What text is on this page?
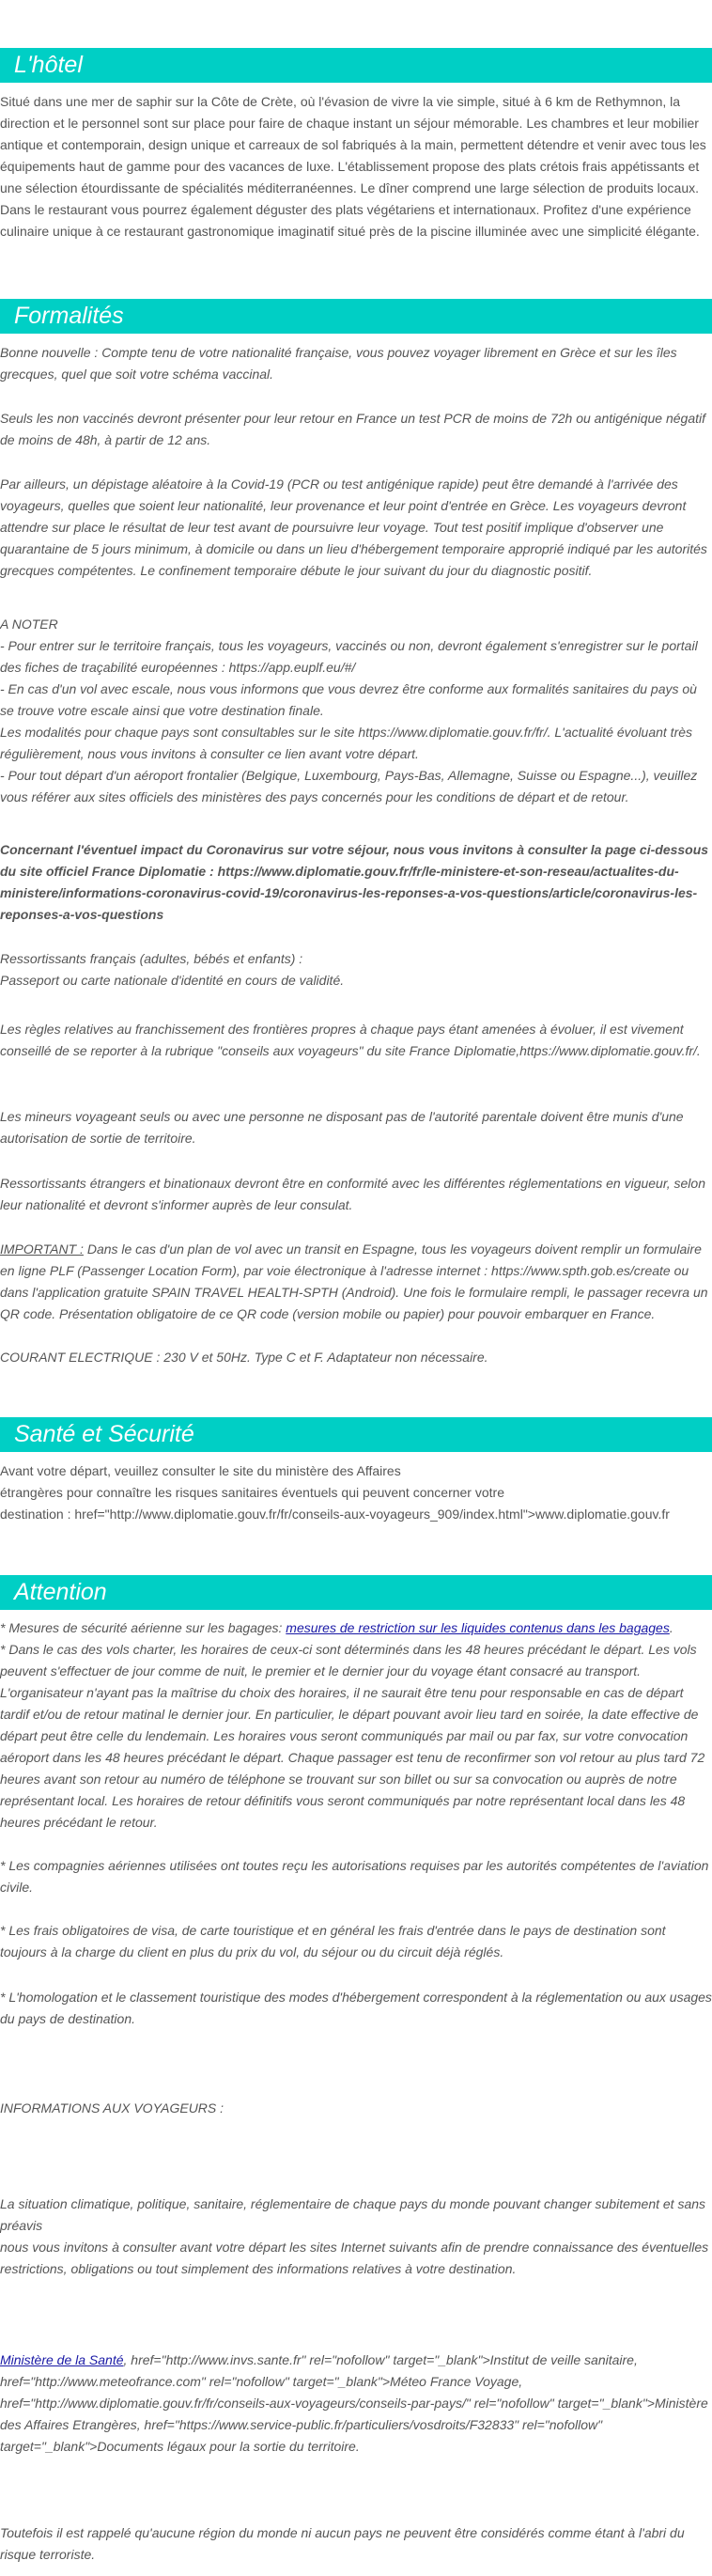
L'hôtel

Situé dans une mer de saphir sur la Côte de Crète, où l'évasion de vivre la vie simple, situé à 6 km de Rethymnon, la direction et le personnel sont sur place pour faire de chaque instant un séjour mémorable. Les chambres et leur mobilier antique et contemporain, design unique et carreaux de sol fabriqués à la main, permettent détendre et venir avec tous les équipements haut de gamme pour des vacances de luxe. L'établissement propose des plats crétois frais appétissants et une sélection étourdissante de spécialités méditerranéennes. Le dîner comprend une large sélection de produits locaux. Dans le restaurant vous pourrez également déguster des plats végétariens et internationaux. Profitez d'une expérience culinaire unique à ce restaurant gastronomique imaginatif situé près de la piscine illuminée avec une simplicité élégante.

Formalités

Bonne nouvelle : Compte tenu de votre nationalité française, vous pouvez voyager librement en Grèce et sur les îles grecques, quel que soit votre schéma vaccinal.

Seuls les non vaccinés devront présenter pour leur retour en France un test PCR de moins de 72h ou antigénique négatif de moins de 48h, à partir de 12 ans.

Par ailleurs, un dépistage aléatoire à la Covid-19 (PCR ou test antigénique rapide) peut être demandé à l'arrivée des voyageurs, quelles que soient leur nationalité, leur provenance et leur point d'entrée en Grèce. Les voyageurs devront attendre sur place le résultat de leur test avant de poursuivre leur voyage. Tout test positif implique d'observer une quarantaine de 5 jours minimum, à domicile ou dans un lieu d'hébergement temporaire approprié indiqué par les autorités grecques compétentes. Le confinement temporaire débute le jour suivant du jour du diagnostic positif.

A NOTER
- Pour entrer sur le territoire français, tous les voyageurs, vaccinés ou non, devront également s'enregistrer sur le portail des fiches de traçabilité européennes : https://app.euplf.eu/#/
- En cas d'un vol avec escale, nous vous informons que vous devrez être conforme aux formalités sanitaires du pays où se trouve votre escale ainsi que votre destination finale.
Les modalités pour chaque pays sont consultables sur le site https://www.diplomatie.gouv.fr/fr/. L'actualité évoluant très régulièrement, nous vous invitons à consulter ce lien avant votre départ.
- Pour tout départ d'un aéroport frontalier (Belgique, Luxembourg, Pays-Bas, Allemagne, Suisse ou Espagne...), veuillez vous référer aux sites officiels des ministères des pays concernés pour les conditions de départ et de retour.

Concernant l'éventuel impact du Coronavirus sur votre séjour, nous vous invitons à consulter la page ci-dessous du site officiel France Diplomatie : https://www.diplomatie.gouv.fr/fr/le-ministere-et-son-reseau/actualites-du-ministere/informations-coronavirus-covid-19/coronavirus-les-reponses-a-vos-questions/article/coronavirus-les-reponses-a-vos-questions

Ressortissants français (adultes, bébés et enfants) :
Passeport ou carte nationale d'identité en cours de validité.

Les règles relatives au franchissement des frontières propres à chaque pays étant amenées à évoluer, il est vivement conseillé de se reporter à la rubrique "conseils aux voyageurs" du site France Diplomatie,https://www.diplomatie.gouv.fr/.

Les mineurs voyageant seuls ou avec une personne ne disposant pas de l'autorité parentale doivent être munis d'une autorisation de sortie de territoire.

Ressortissants étrangers et binationaux devront être en conformité avec les différentes réglementations en vigueur, selon leur nationalité et devront s'informer auprès de leur consulat.

IMPORTANT : Dans le cas d'un plan de vol avec un transit en Espagne, tous les voyageurs doivent remplir un formulaire en ligne PLF (Passenger Location Form), par voie électronique à l'adresse internet : https://www.spth.gob.es/create ou dans l'application gratuite SPAIN TRAVEL HEALTH-SPTH (Android). Une fois le formulaire rempli, le passager recevra un QR code. Présentation obligatoire de ce QR code (version mobile ou papier) pour pouvoir embarquer en France.

COURANT ELECTRIQUE : 230 V et 50Hz. Type C et F. Adaptateur non nécessaire.

Santé et Sécurité
Avant votre départ, veuillez consulter le site du ministère des Affaires
étrangères pour connaître les risques sanitaires éventuels qui peuvent concerner votre
destination : href="http://www.diplomatie.gouv.fr/fr/conseils-aux-voyageurs_909/index.html">www.diplomatie.gouv.fr
Attention

* Mesures de sécurité aérienne sur les bagages: mesures de restriction sur les liquides contenus dans les bagages.

* Dans le cas des vols charter, les horaires de ceux-ci sont déterminés dans les 48 heures précédant le départ. Les vols peuvent s'effectuer de jour comme de nuit, le premier et le dernier jour du voyage étant consacré au transport. L'organisateur n'ayant pas la maîtrise du choix des horaires, il ne saurait être tenu pour responsable en cas de départ tardif et/ou de retour matinal le dernier jour. En particulier, le départ pouvant avoir lieu tard en soirée, la date effective de départ peut être celle du lendemain. Les horaires vous seront communiqués par mail ou par fax, sur votre convocation aéroport dans les 48 heures précédant le départ. Chaque passager est tenu de reconfirmer son vol retour au plus tard 72 heures avant son retour au numéro de téléphone se trouvant sur son billet ou sur sa convocation ou auprès de notre représentant local. Les horaires de retour définitifs vous seront communiqués par notre représentant local dans les 48 heures précédant le retour.

* Les compagnies aériennes utilisées ont toutes reçu les autorisations requises par les autorités compétentes de l'aviation civile.

* Les frais obligatoires de visa, de carte touristique et en général les frais d'entrée dans le pays de destination sont toujours à la charge du client en plus du prix du vol, du séjour ou du circuit déjà réglés.

* L'homologation et le classement touristique des modes d'hébergement correspondent à la réglementation ou aux usages du pays de destination.

INFORMATIONS AUX VOYAGEURS :

La situation climatique, politique, sanitaire, réglementaire de chaque pays du monde pouvant changer subitement et sans préavis
nous vous invitons à consulter avant votre départ les sites Internet suivants afin de prendre connaissance des éventuelles restrictions, obligations ou tout simplement des informations relatives à votre destination.

Ministère de la Santé, href="http://www.invs.sante.fr" rel="nofollow" target="_blank">Institut de veille sanitaire, href="http://www.meteofrance.com" rel="nofollow" target="_blank">Méteo France Voyage, href="http://www.diplomatie.gouv.fr/fr/conseils-aux-voyageurs/conseils-par-pays/" rel="nofollow" target="_blank">Ministère des Affaires Etrangères, href="https://www.service-public.fr/particuliers/vosdroits/F32833" rel="nofollow" target="_blank">Documents légaux pour la sortie du territoire.

Toutefois il est rappelé qu'aucune région du monde ni aucun pays ne peuvent être considérés comme étant à l'abri du risque terroriste.
